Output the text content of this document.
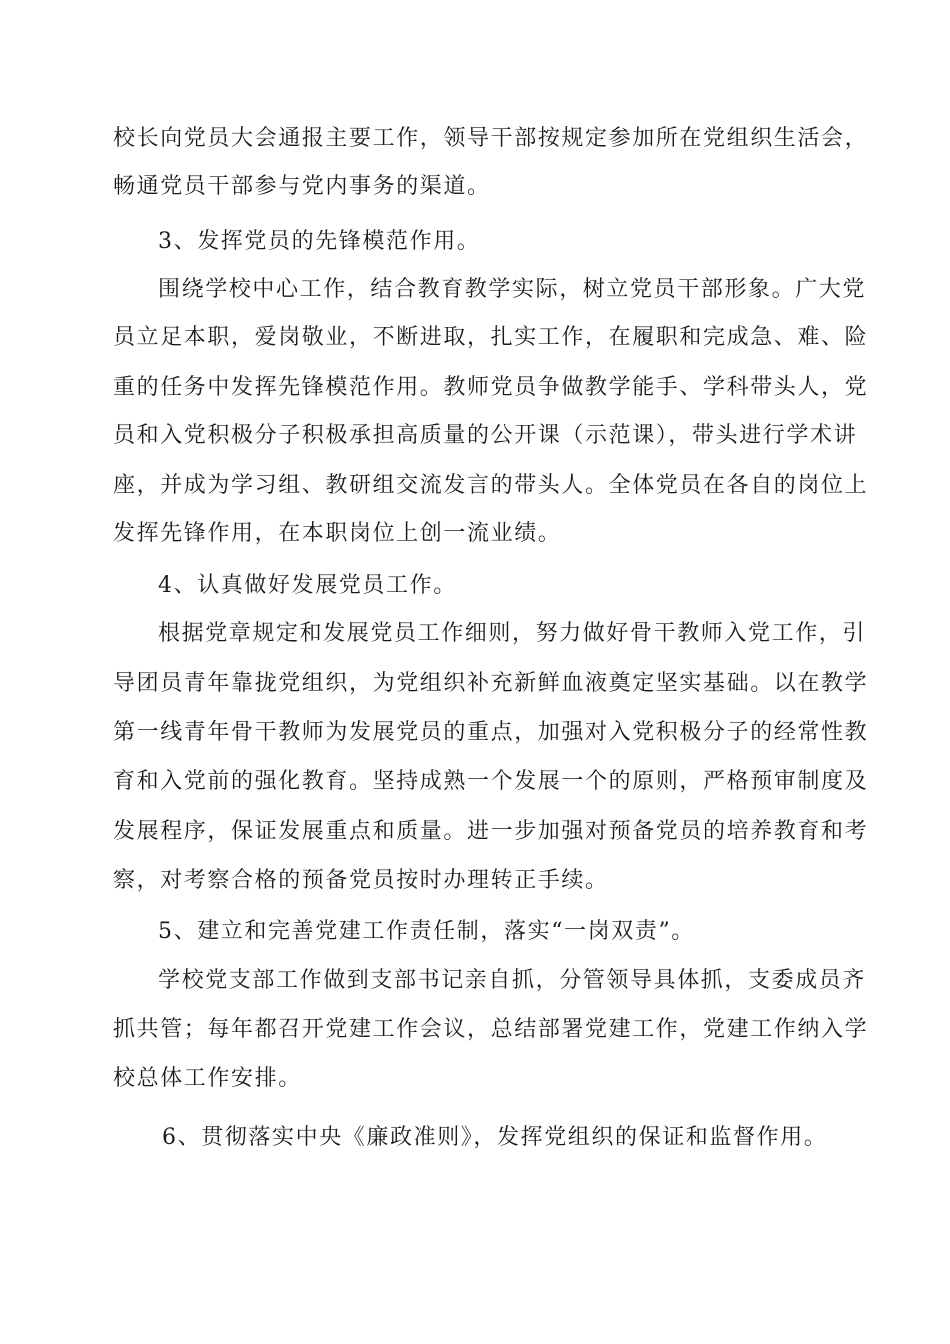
校长向党员大会通报主要工作，领导干部按规定参加所在党组织生活会，
畅通党员干部参与党内事务的渠道。
3、发挥党员的先锋模范作用。
围绕学校中心工作，结合教育教学实际，树立党员干部形象。广大党
员立足本职，爱岗敬业，不断进取，扎实工作，在履职和完成急、难、险
重的任务中发挥先锋模范作用。教师党员争做教学能手、学科带头人，党
员和入党积极分子积极承担高质量的公开课（示范课），带头进行学术讲
座，并成为学习组、教研组交流发言的带头人。全体党员在各自的岗位上
发挥先锋作用，在本职岗位上创一流业绩。
4、认真做好发展党员工作。
根据党章规定和发展党员工作细则，努力做好骨干教师入党工作，引
导团员青年靠拢党组织，为党组织补充新鲜血液奠定坚实基础。以在教学
第一线青年骨干教师为发展党员的重点，加强对入党积极分子的经常性教
育和入党前的强化教育。坚持成熟一个发展一个的原则，严格预审制度及
发展程序，保证发展重点和质量。进一步加强对预备党员的培养教育和考
察，对考察合格的预备党员按时办理转正手续。
5、建立和完善党建工作责任制，落实“一岗双责”。
学校党支部工作做到支部书记亲自抓，分管领导具体抓，支委成员齐
抓共管；每年都召开党建工作会议，总结部署党建工作，党建工作纳入学
校总体工作安排。
6、贯彻落实中央《廉政准则》，发挥党组织的保证和监督作用。
